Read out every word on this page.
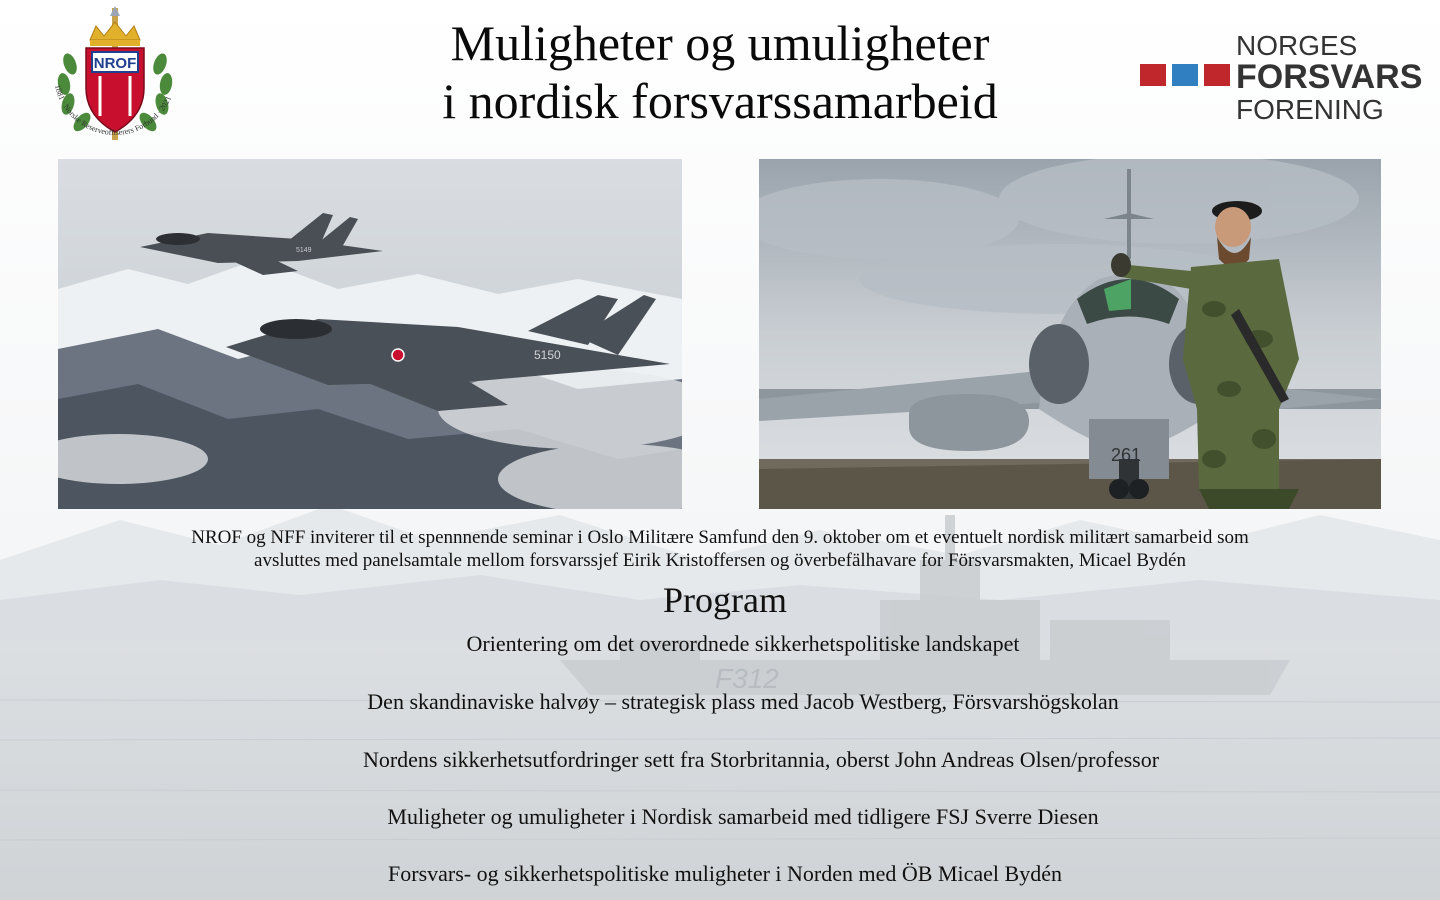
F312
NROF
1881 · Norske Reserveoffiserers Forbund · 2021
Muligheter og umuligheter
i nordisk forsvarssamarbeid
NORGES
FORSVARS
FORENING
5149
5150
261
NROF og NFF inviterer til et spennnende seminar i Oslo Militære Samfund den 9. oktober om et eventuelt nordisk militært samarbeid som
avsluttes med panelsamtale mellom forsvarssjef Eirik Kristoffersen og överbefälhavare for Försvarsmakten, Micael Bydén
Program
Orientering om det overordnede sikkerhetspolitiske landskapet
Den skandinaviske halvøy – strategisk plass med Jacob Westberg, Försvarshögskolan
Nordens sikkerhetsutfordringer sett fra Storbritannia, oberst John Andreas Olsen/professor
Muligheter og umuligheter i Nordisk samarbeid med tidligere FSJ Sverre Diesen
Forsvars- og sikkerhetspolitiske muligheter i Norden med ÖB Micael Bydén
